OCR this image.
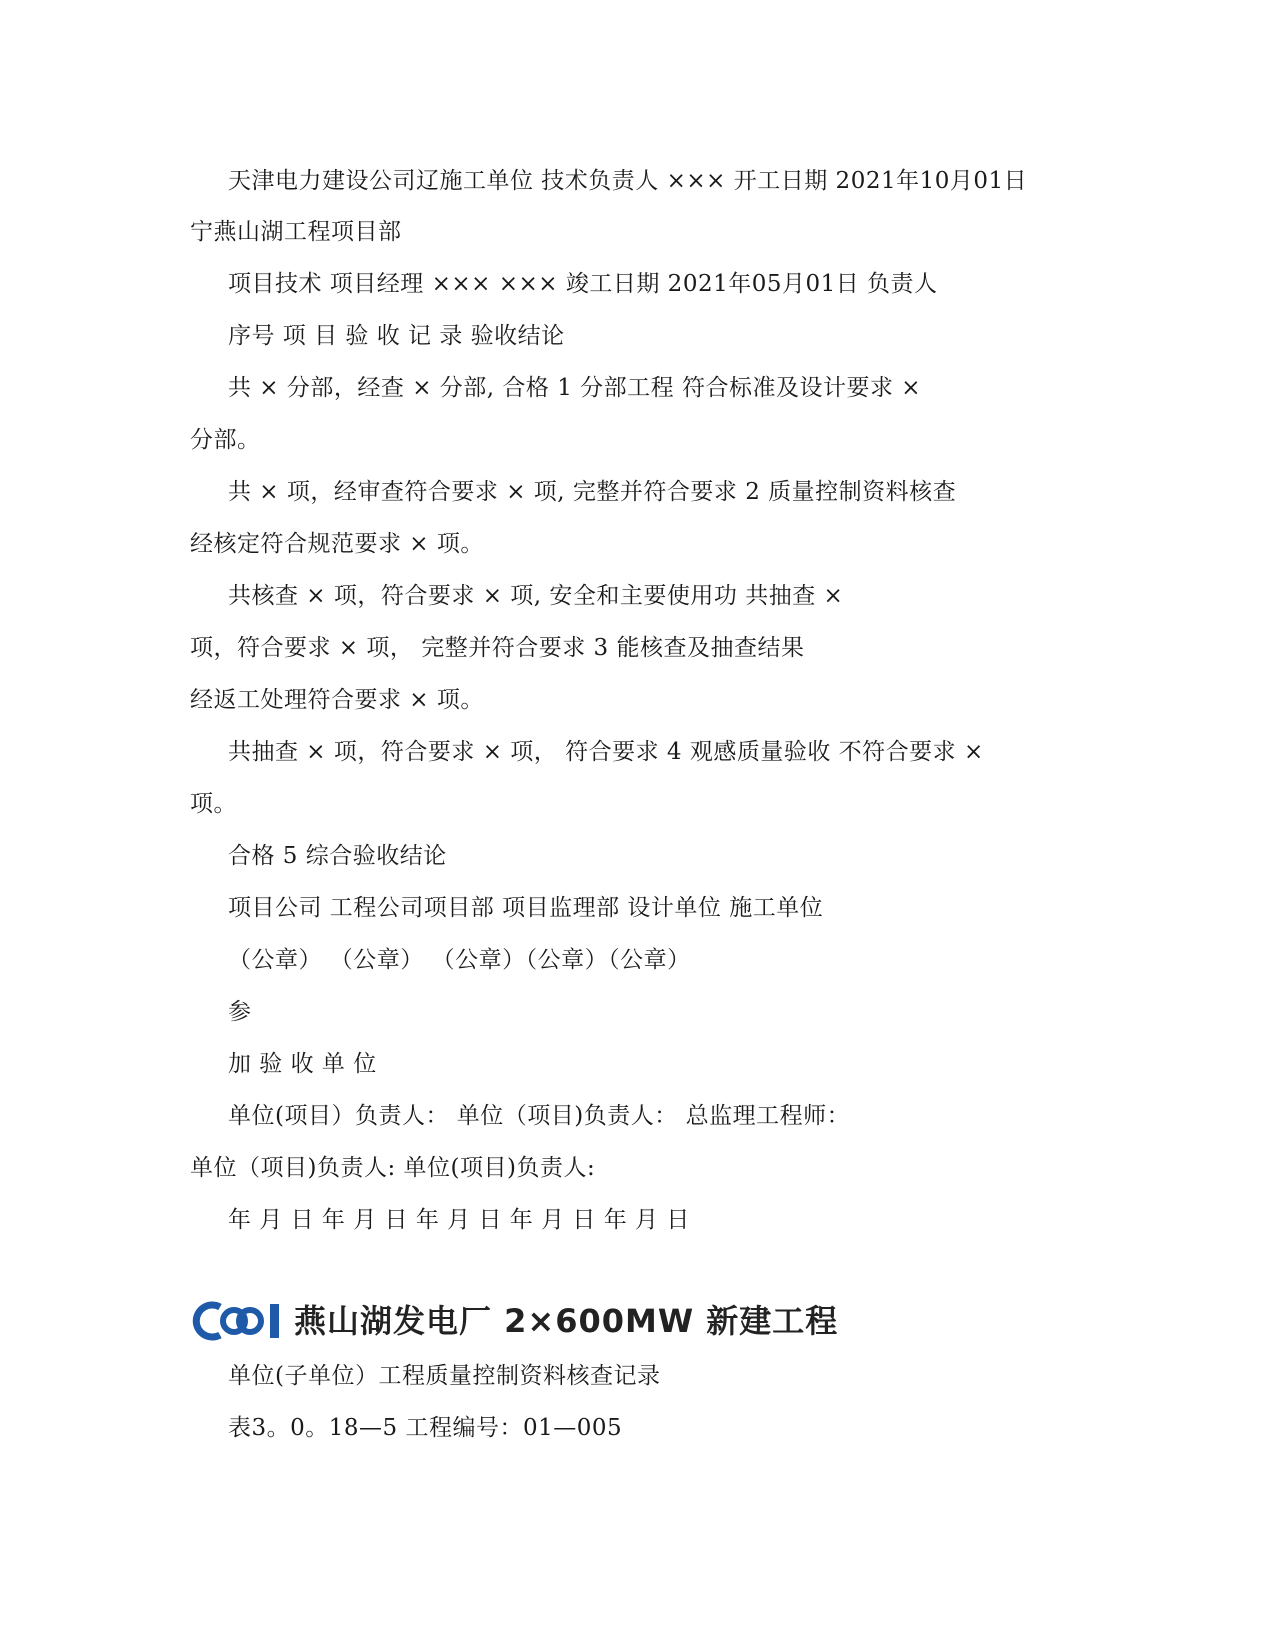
天津电力建设公司辽施工单位 技术负责人 ××× 开工日期 2021年10月01日
宁燕山湖工程项目部
项目技术 项目经理 ××× ××× 竣工日期 2021年05月01日 负责人
序号 项 目 验 收 记 录 验收结论
共 × 分部，经查 × 分部, 合格 1 分部工程 符合标准及设计要求 ×
分部。
共 × 项，经审查符合要求 × 项, 完整并符合要求 2 质量控制资料核查
经核定符合规范要求 × 项。
共核查 × 项，符合要求 × 项, 安全和主要使用功 共抽查 ×
项，符合要求 × 项， 完整并符合要求 3 能核查及抽查结果
经返工处理符合要求 × 项。
共抽查 × 项，符合要求 × 项， 符合要求 4 观感质量验收 不符合要求 ×
项。
合格 5 综合验收结论
项目公司 工程公司项目部 项目监理部 设计单位 施工单位
（公章） （公章） （公章）（公章）（公章）
参
加 验 收 单 位
单位(项目）负责人： 单位（项目)负责人： 总监理工程师：
单位（项目)负责人: 单位(项目)负责人:
年 月 日 年 月 日 年 月 日 年 月 日 年 月 日
燕山湖发电厂 2×600MW 新建工程
单位(子单位）工程质量控制资料核查记录
表3。0。18—5 工程编号：01—005
